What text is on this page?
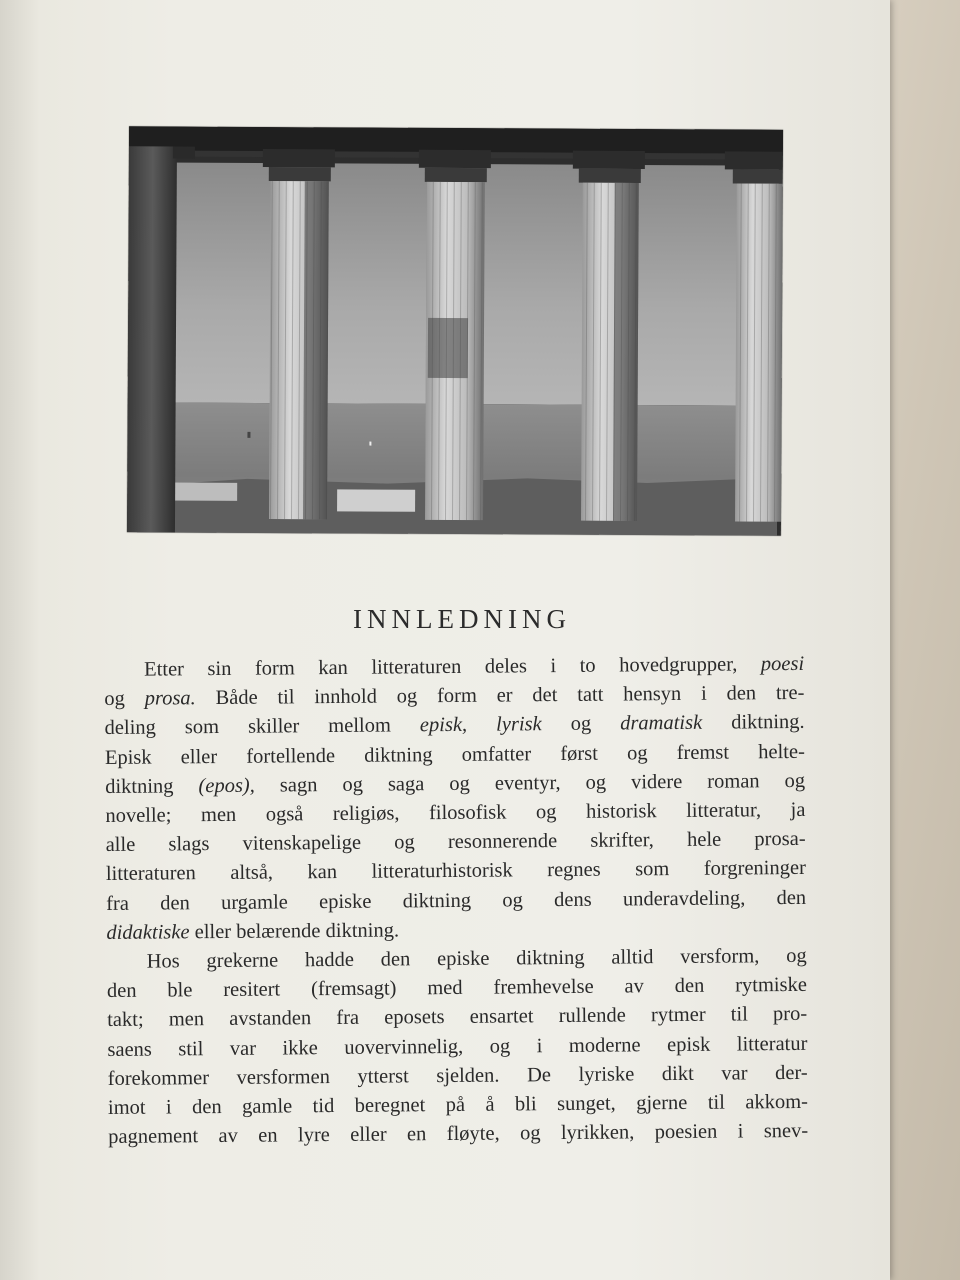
INNLEDNING
Etter sin form kan litteraturen deles i to hovedgrupper, poesi
og prosa. Både til innhold og form er det tatt hensyn i den tre-
deling som skiller mellom episk, lyrisk og dramatisk diktning.
Episk eller fortellende diktning omfatter først og fremst helte-
diktning (epos), sagn og saga og eventyr, og videre roman og
novelle; men også religiøs, filosofisk og historisk litteratur, ja
alle slags vitenskapelige og resonnerende skrifter, hele prosa-
litteraturen altså, kan litteraturhistorisk regnes som forgreninger
fra den urgamle episke diktning og dens underavdeling, den
didaktiske eller belærende diktning.
Hos grekerne hadde den episke diktning alltid versform, og
den ble resitert (fremsagt) med fremhevelse av den rytmiske
takt; men avstanden fra eposets ensartet rullende rytmer til pro-
saens stil var ikke uovervinnelig, og i moderne episk litteratur
forekommer versformen ytterst sjelden. De lyriske dikt var der-
imot i den gamle tid beregnet på å bli sunget, gjerne til akkom-
pagnement av en lyre eller en fløyte, og lyrikken, poesien i snev-
